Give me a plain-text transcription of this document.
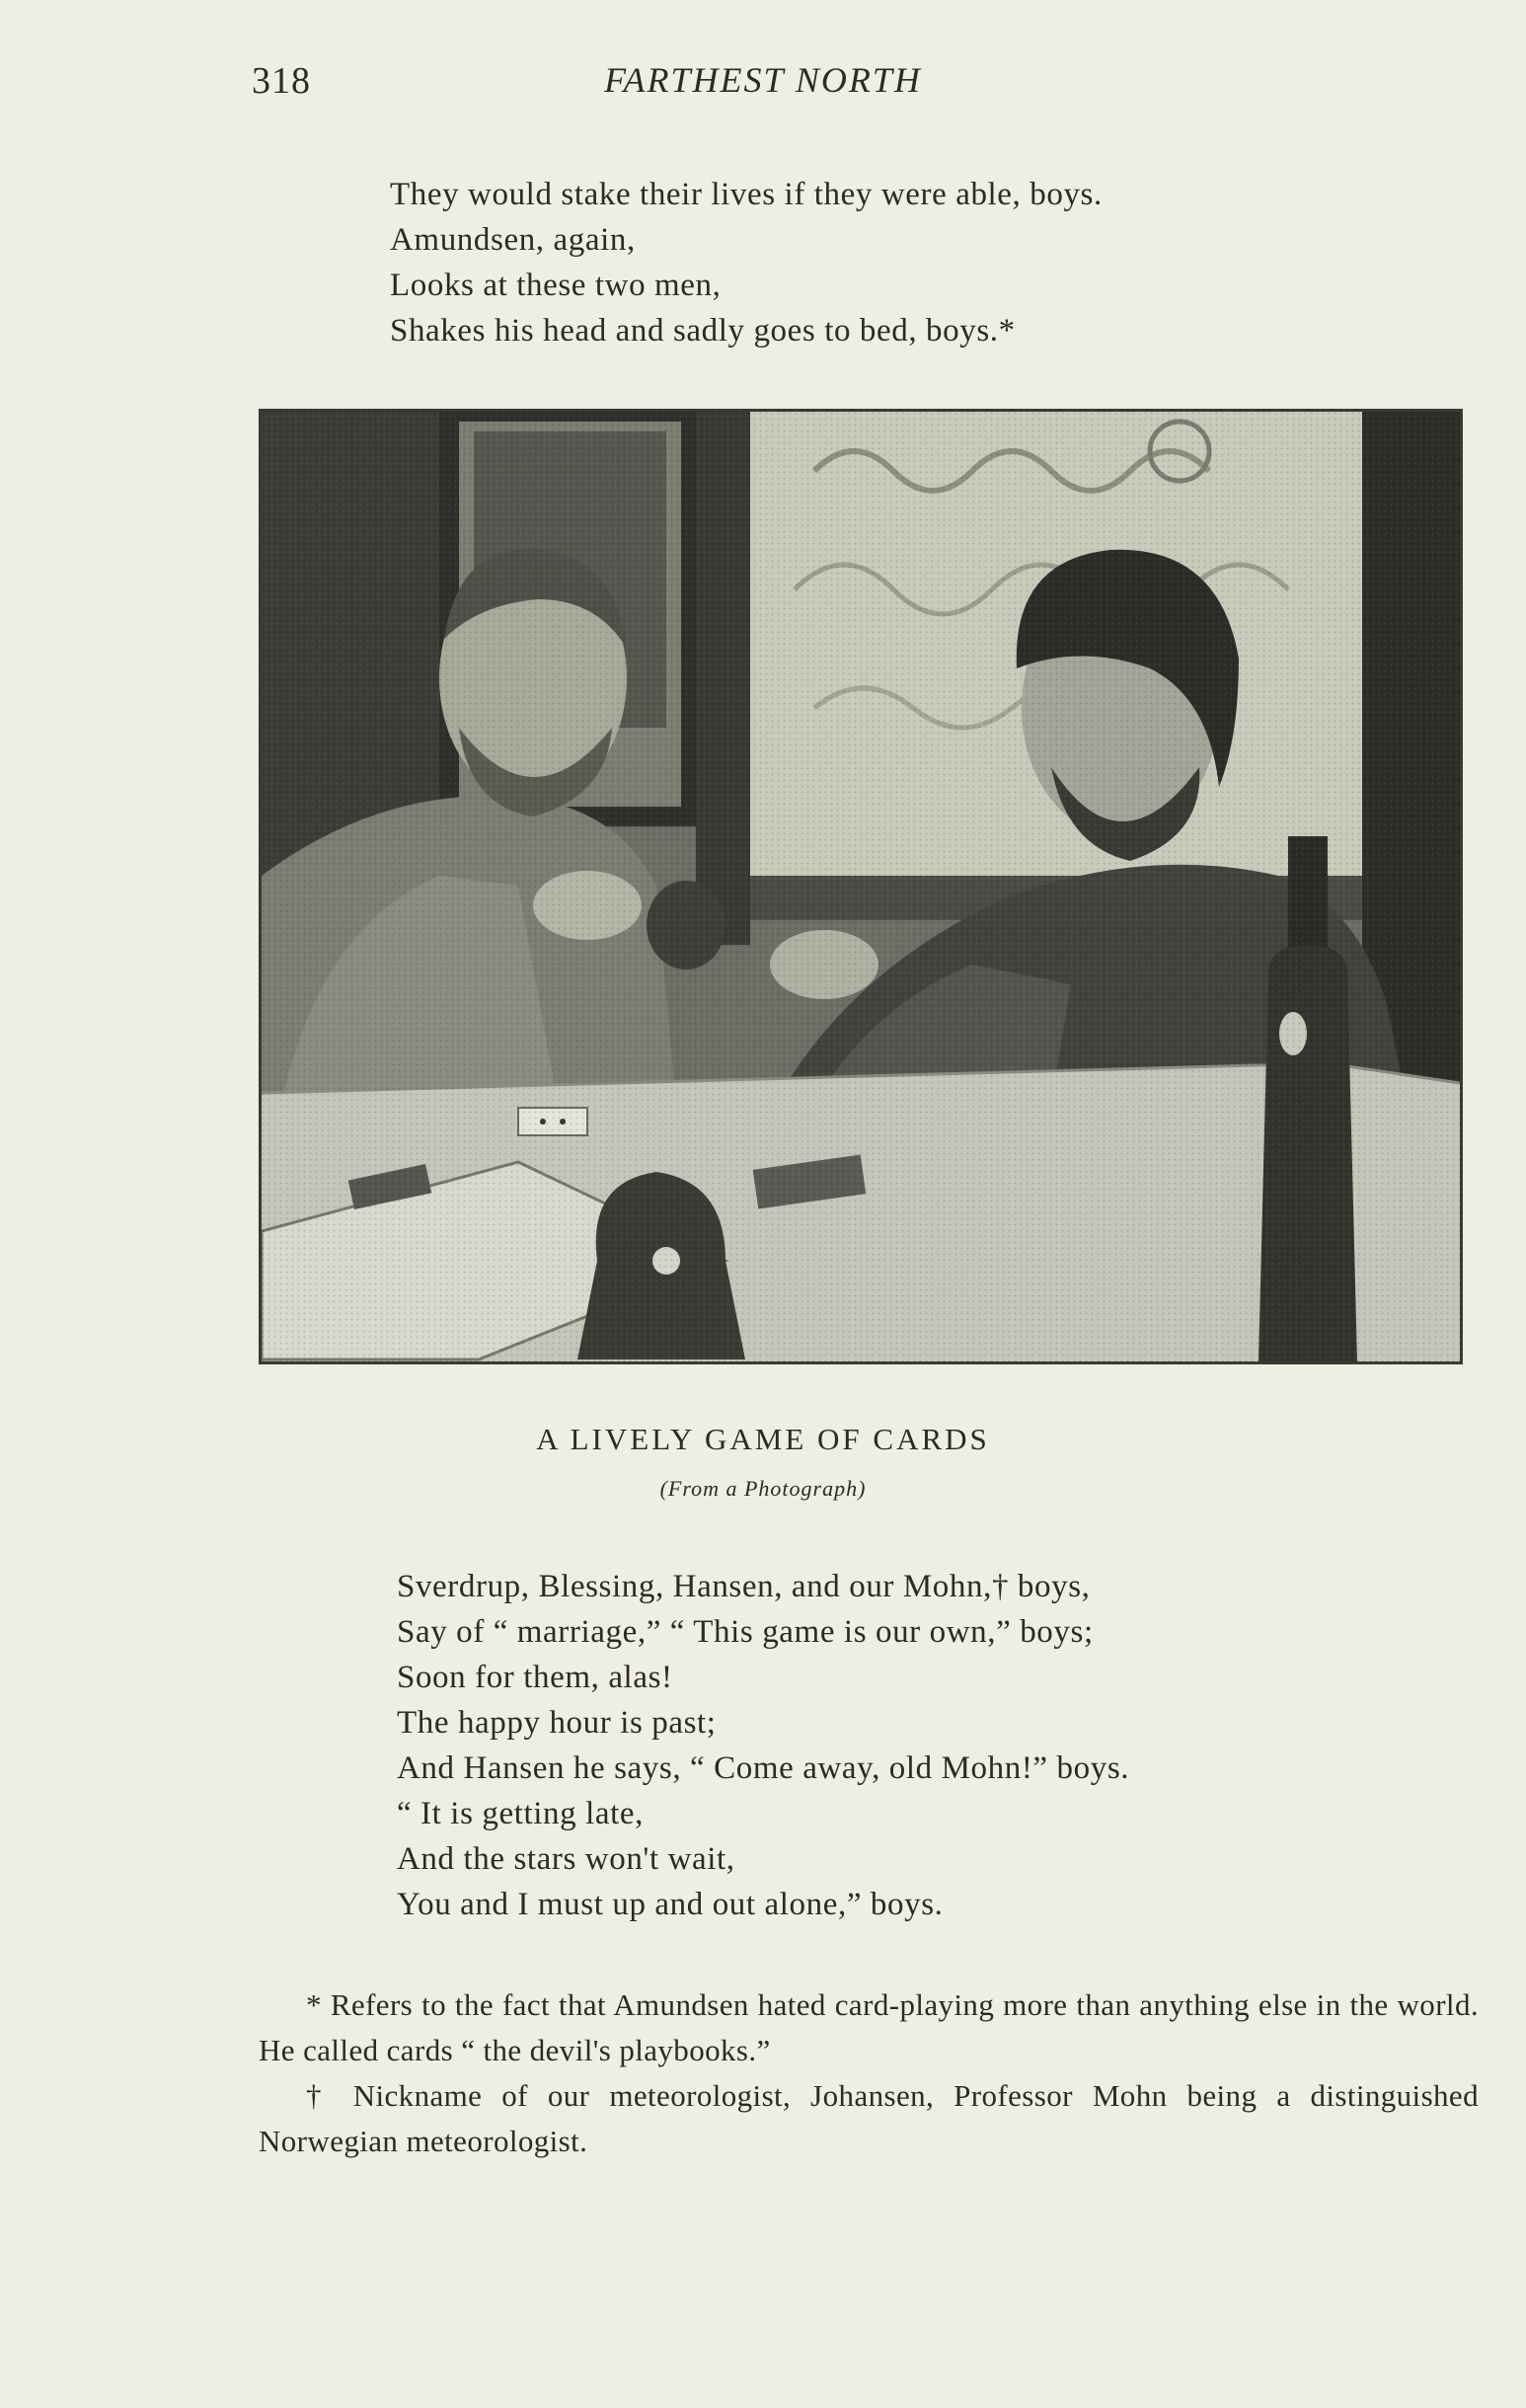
318	FARTHEST NORTH
They would stake their lives if they were able, boys.
Amundsen, again,
Looks at these two men,
Shakes his head and sadly goes to bed, boys.*
A LIVELY GAME OF CARDS
(From a Photograph)
Sverdrup, Blessing, Hansen, and our Mohn,† boys,
Say of “ marriage,” “ This game is our own,” boys;
Soon for them, alas!
The happy hour is past;
And Hansen he says, “ Come away, old Mohn!” boys.
“ It is getting late,
And the stars won't wait,
You and I must up and out alone,” boys.

* Refers to the fact that Amundsen hated card-playing more than anything else in the world. He called cards “ the devil's playbooks.”

† Nickname of our meteorologist, Johansen, Professor Mohn being a distinguished Norwegian meteorologist.
